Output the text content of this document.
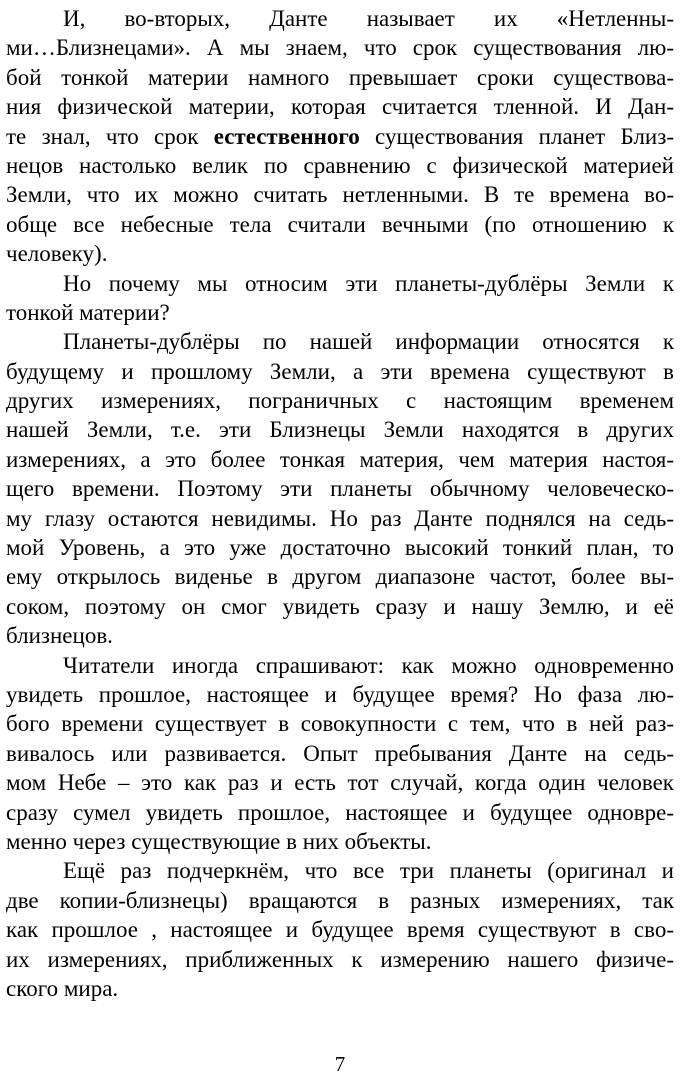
И, во-вторых, Данте называет их «Нетленны-
ми…Близнецами». А мы знаем, что срок существования лю-
бой тонкой материи намного превышает сроки существова-
ния физической материи, которая считается тленной. И Дан-
те знал, что срок естественного существования планет Близ-
нецов настолько велик по сравнению с физической материей
Земли, что их можно считать нетленными. В те времена во-
обще все небесные тела считали вечными (по отношению к
человеку).
Но почему мы относим эти планеты-дублёры Земли к
тонкой материи?
Планеты-дублёры по нашей информации относятся к
будущему и прошлому Земли, а эти времена существуют в
других измерениях, пограничных с настоящим временем
нашей Земли, т.е. эти Близнецы Земли находятся в других
измерениях, а это более тонкая материя, чем материя настоя-
щего времени. Поэтому эти планеты обычному человеческо-
му глазу остаются невидимы. Но раз Данте поднялся на седь-
мой Уровень, а это уже достаточно высокий тонкий план, то
ему открылось виденье в другом диапазоне частот, более вы-
соком, поэтому он смог увидеть сразу и нашу Землю, и её
близнецов.
Читатели иногда спрашивают: как можно одновременно
увидеть прошлое, настоящее и будущее время? Но фаза лю-
бого времени существует в совокупности с тем, что в ней раз-
вивалось или развивается. Опыт пребывания Данте на седь-
мом Небе – это как раз и есть тот случай, когда один человек
сразу сумел увидеть прошлое, настоящее и будущее одновре-
менно через существующие в них объекты.
Ещё раз подчеркнём, что все три планеты (оригинал и
две копии-близнецы) вращаются в разных измерениях, так
как прошлое , настоящее и будущее время существуют в сво-
их измерениях, приближенных к измерению нашего физиче-
ского мира.
7
